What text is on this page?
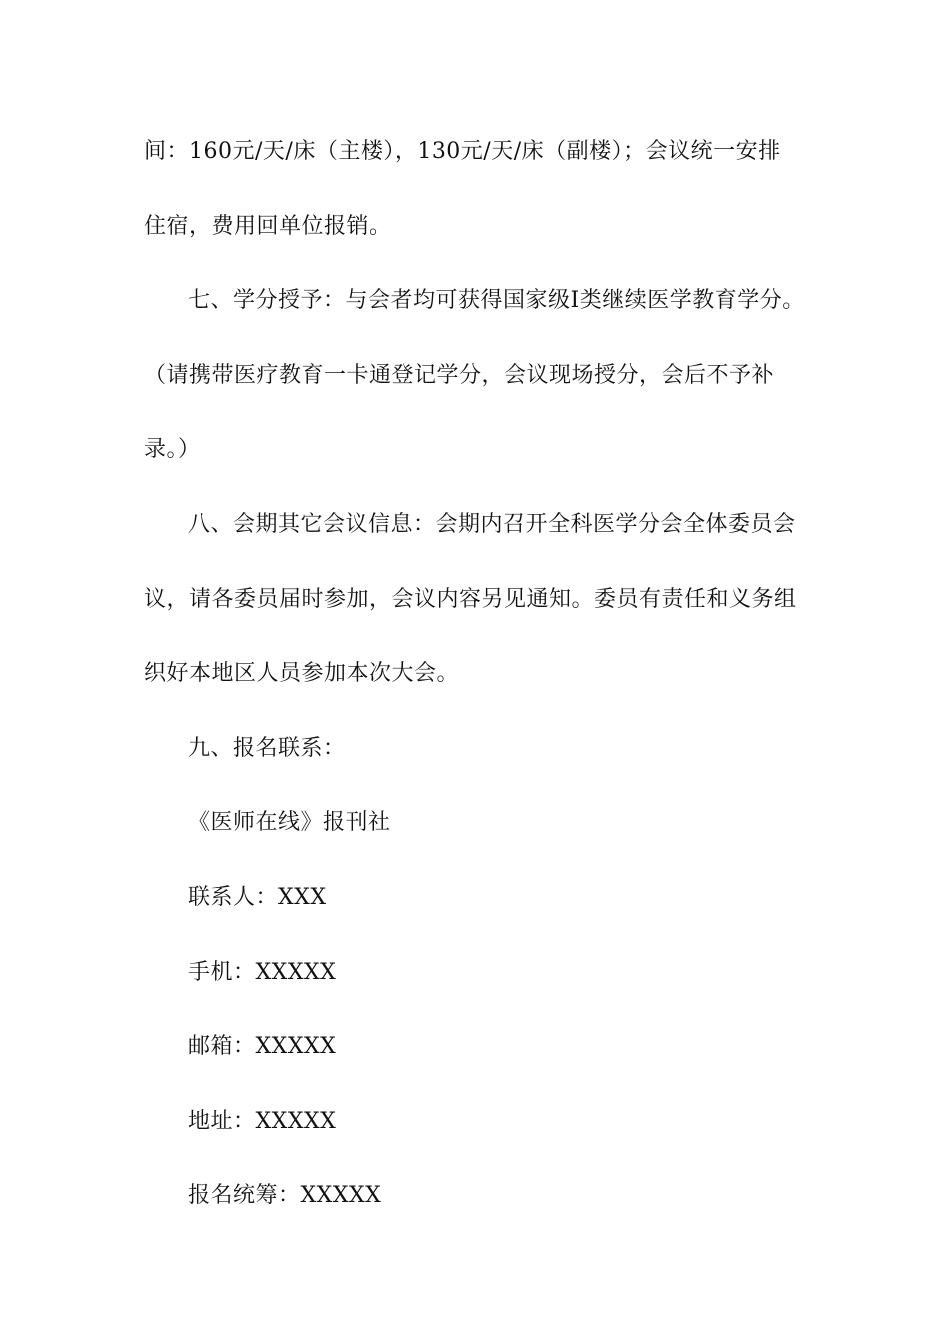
间：160元/天/床（主楼），130元/天/床（副楼）；会议统一安排
住宿，费用回单位报销。
七、学分授予：与会者均可获得国家级Ⅰ类继续医学教育学分。
（请携带医疗教育一卡通登记学分，会议现场授分，会后不予补
录。）
八、会期其它会议信息：会期内召开全科医学分会全体委员会
议，请各委员届时参加，会议内容另见通知。委员有责任和义务组
织好本地区人员参加本次大会。
九、报名联系：
《医师在线》报刊社
联系人：XXX
手机：XXXXX
邮箱：XXXXX
地址：XXXXX
报名统筹：XXXXX
